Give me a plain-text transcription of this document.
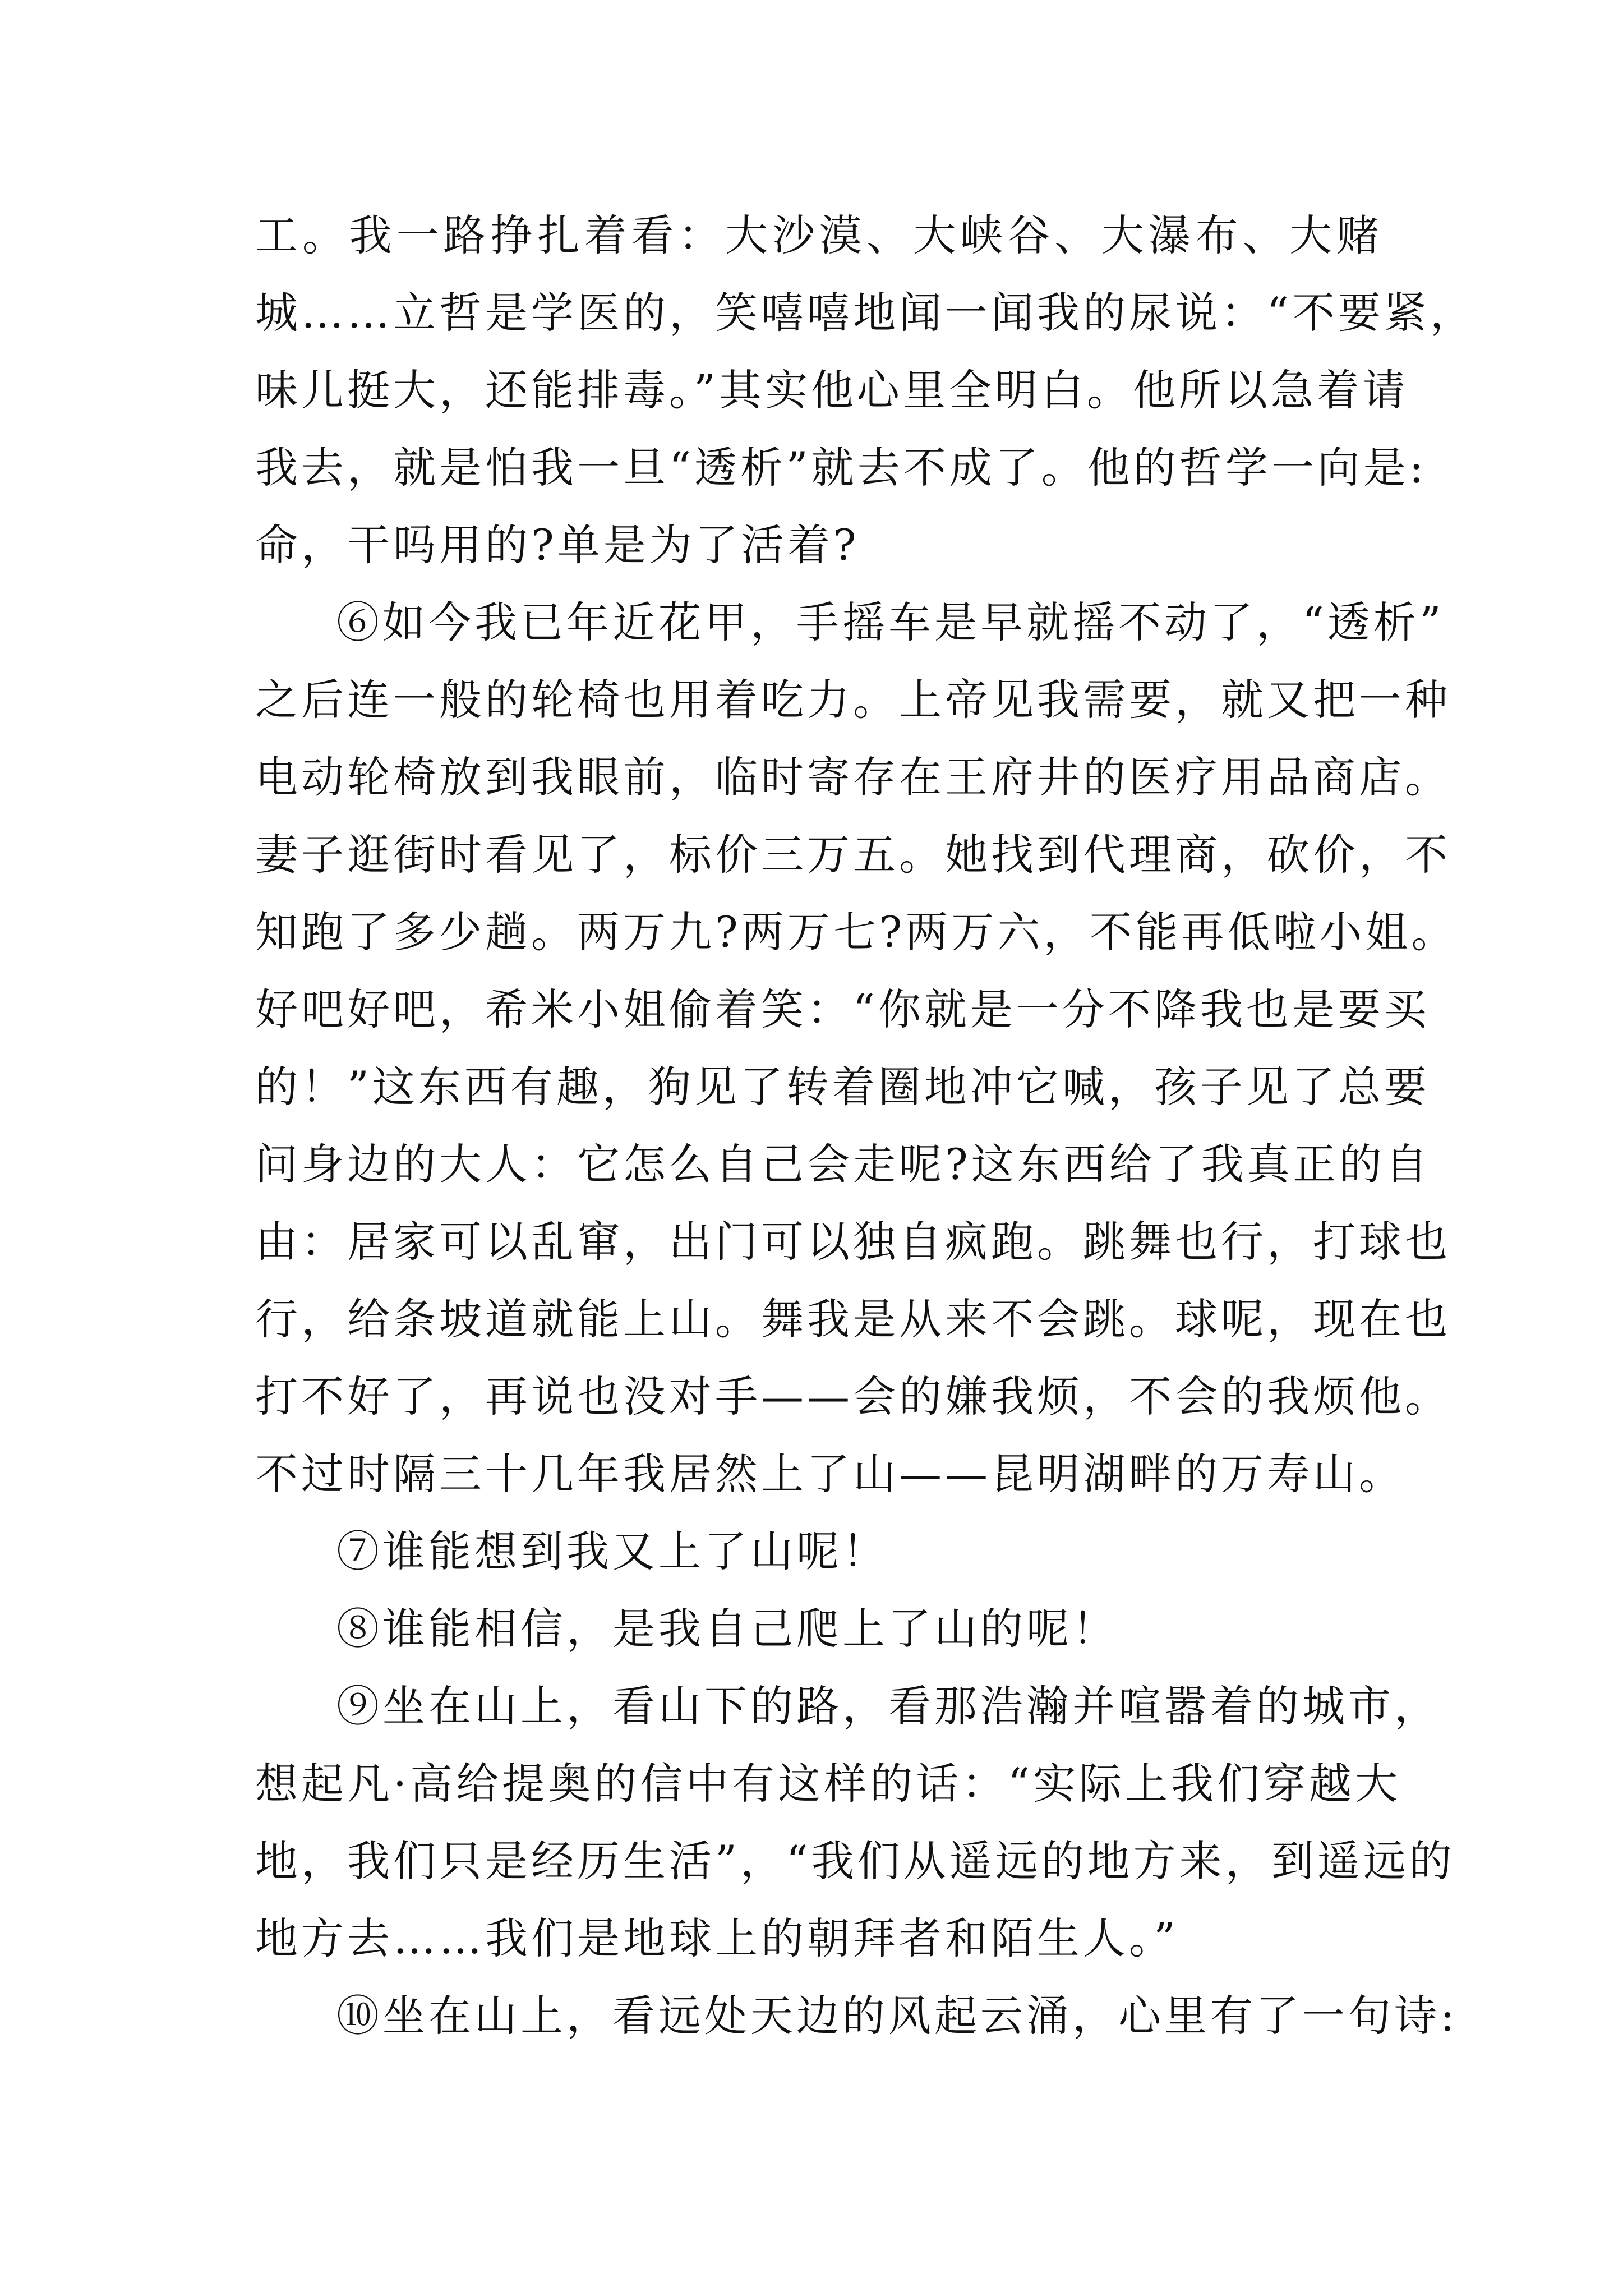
工。我一路挣扎着看：大沙漠、大峡谷、大瀑布、大赌
城……立哲是学医的，笑嘻嘻地闻一闻我的尿说：“不要紧，
味儿挺大，还能排毒。”其实他心里全明白。他所以急着请
我去，就是怕我一旦“透析”就去不成了。他的哲学一向是:
命，干吗用的?单是为了活着?
⑥如今我已年近花甲，手摇车是早就摇不动了，“透析”
之后连一般的轮椅也用着吃力。上帝见我需要，就又把一种
电动轮椅放到我眼前，临时寄存在王府井的医疗用品商店。
妻子逛街时看见了，标价三万五。她找到代理商，砍价，不
知跑了多少趟。两万九?两万七?两万六，不能再低啦小姐。
好吧好吧，希米小姐偷着笑：“你就是一分不降我也是要买
的！”这东西有趣，狗见了转着圈地冲它喊，孩子见了总要
问身边的大人：它怎么自己会走呢?这东西给了我真正的自
由：居家可以乱窜，出门可以独自疯跑。跳舞也行，打球也
行，给条坡道就能上山。舞我是从来不会跳。球呢，现在也
打不好了，再说也没对手——会的嫌我烦，不会的我烦他。
不过时隔三十几年我居然上了山——昆明湖畔的万寿山。
⑦谁能想到我又上了山呢！
⑧谁能相信，是我自己爬上了山的呢！
⑨坐在山上，看山下的路，看那浩瀚并喧嚣着的城市，
想起凡·高给提奥的信中有这样的话：“实际上我们穿越大
地，我们只是经历生活”，“我们从遥远的地方来，到遥远的
地方去……我们是地球上的朝拜者和陌生人。”
⑩坐在山上，看远处天边的风起云涌，心里有了一句诗:
